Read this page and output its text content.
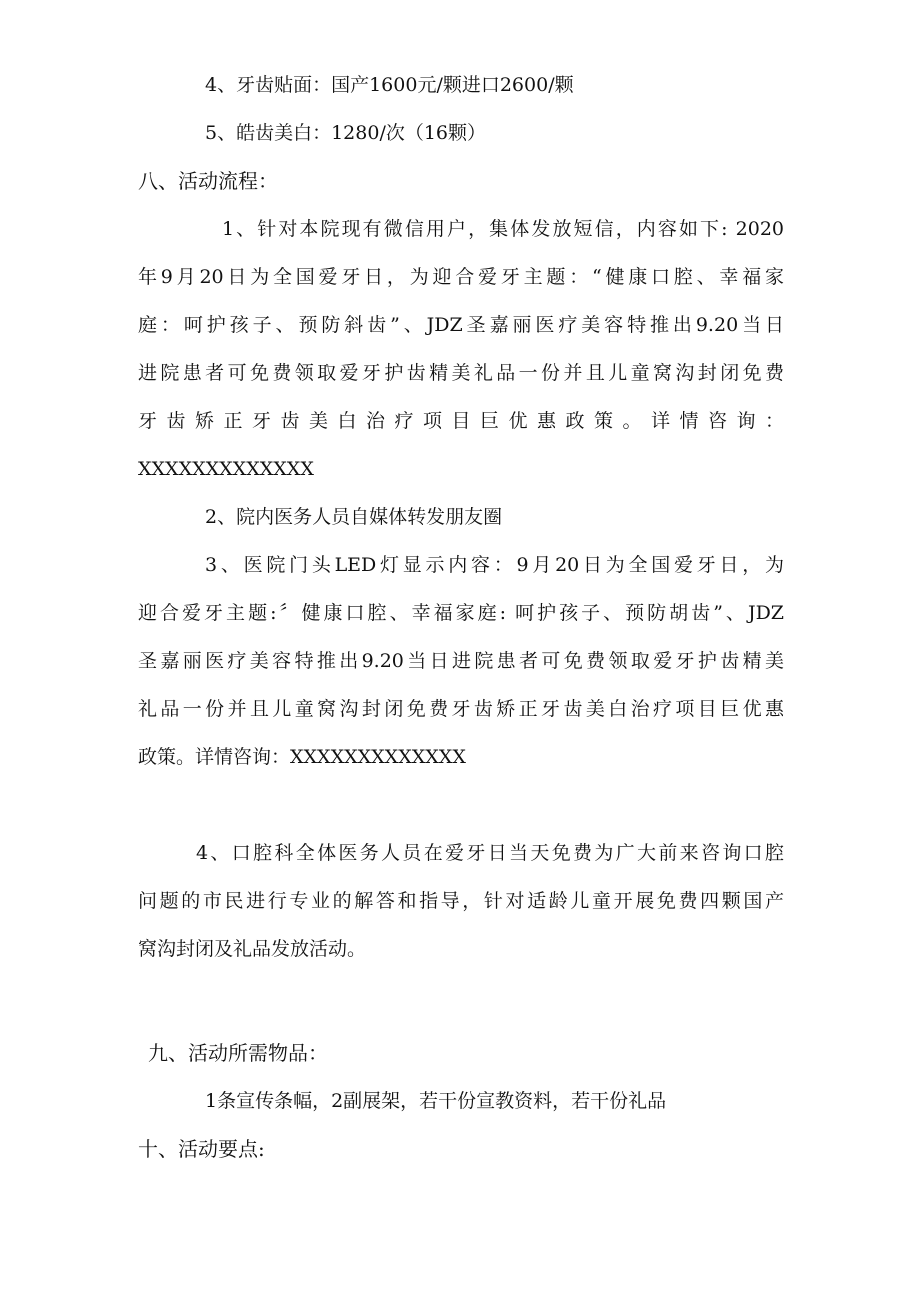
4、牙齿贴面：国产1600元/颗进口2600/颗
5、皓齿美白：1280/次（16颗）
八、活动流程：
1、针对本院现有微信用户，集体发放短信，内容如下: 2020
年9月20日为全国爱牙日，为迎合爱牙主题：“健康口腔、幸福家
庭：呵护孩子、预防斜齿”、JDZ圣嘉丽医疗美容特推出9.20当日
进院患者可免费领取爱牙护齿精美礼品一份并且儿童窝沟封闭免费
牙齿矫正牙齿美白治疗项目巨优惠政策。详情咨询：
XXXXXXXXXXXXX
2、院内医务人员自媒体转发朋友圈
3、医院门头LED灯显示内容：9月20日为全国爱牙日，为
迎合爱牙主题:〞健康口腔、幸福家庭: 呵护孩子、预防胡齿”、JDZ
圣嘉丽医疗美容特推出9.20当日进院患者可免费领取爱牙护齿精美
礼品一份并且儿童窝沟封闭免费牙齿矫正牙齿美白治疗项目巨优惠
政策。详情咨询：XXXXXXXXXXXXX
4、口腔科全体医务人员在爱牙日当天免费为广大前来咨询口腔
问题的市民进行专业的解答和指导，针对适龄儿童开展免费四颗国产
窝沟封闭及礼品发放活动。
九、活动所需物品：
1条宣传条幅，2副展架，若干份宣教资料，若干份礼品
十、活动要点:
